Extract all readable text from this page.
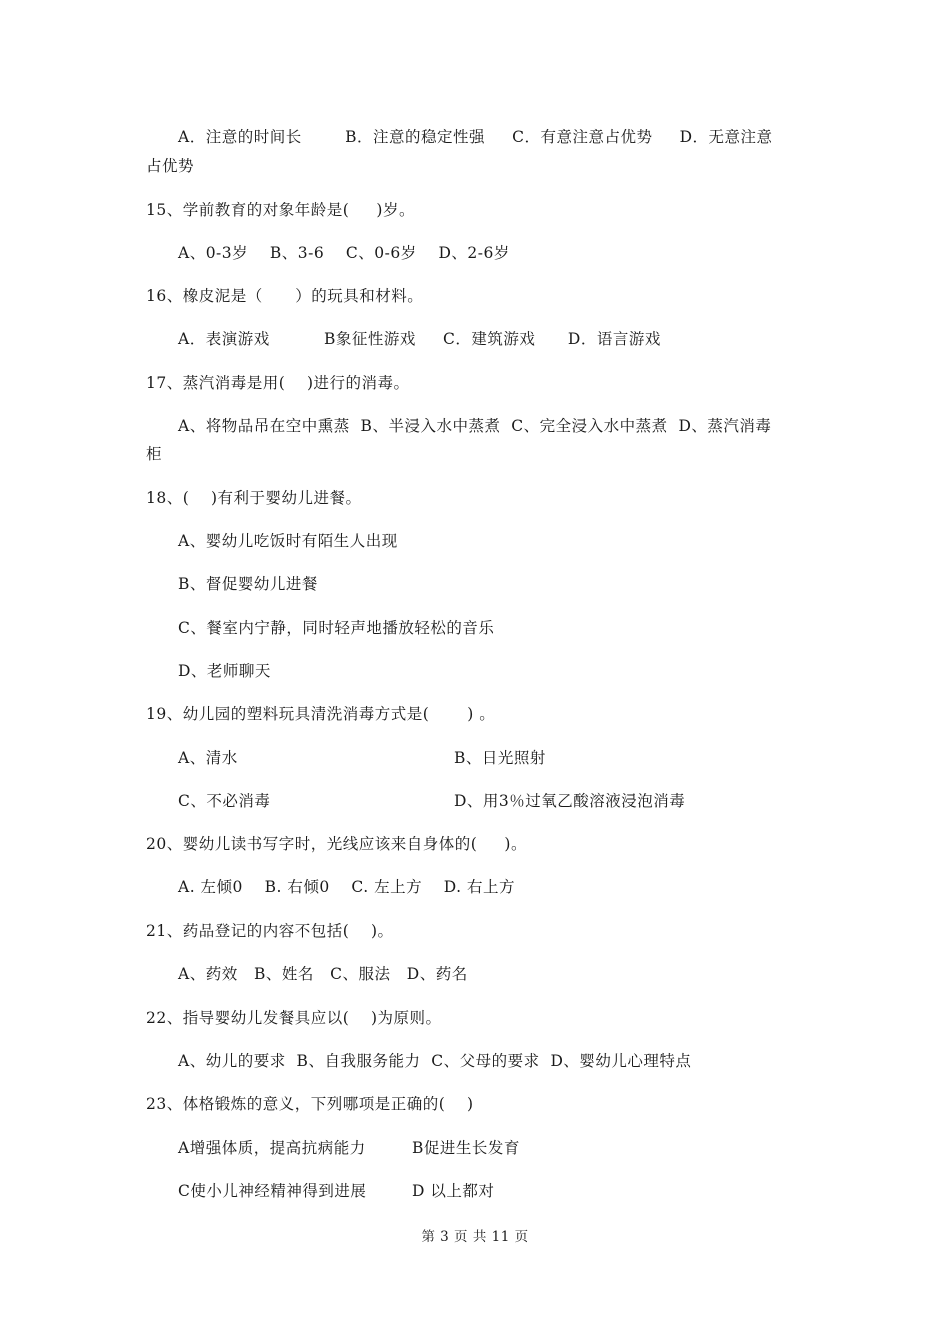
A．注意的时间长        B．注意的稳定性强     C．有意注意占优势     D．无意注意
占优势
15、学前教育的对象年龄是(     )岁。
A、0-3岁    B、3-6    C、0-6岁    D、2-6岁
16、橡皮泥是（      ）的玩具和材料。
A．表演游戏          B象征性游戏     C．建筑游戏      D．语言游戏
17、蒸汽消毒是用(    )进行的消毒。
A、将物品吊在空中熏蒸  B、半浸入水中蒸煮  C、完全浸入水中蒸煮  D、蒸汽消毒
柜
18、(    )有利于婴幼儿进餐。
A、婴幼儿吃饭时有陌生人出现
B、督促婴幼儿进餐
C、餐室内宁静，同时轻声地播放轻松的音乐
D、老师聊天
19、幼儿园的塑料玩具清洗消毒方式是(       ) 。
A、清水	B、日光照射
C、不必消毒	D、用3％过氧乙酸溶液浸泡消毒
20、婴幼儿读书写字时，光线应该来自身体的(     )。
A. 左倾0    B. 右倾0    C. 左上方    D. 右上方
21、药品登记的内容不包括(    )。
A、药效   B、姓名   C、服法   D、药名
22、指导婴幼儿发餐具应以(    )为原则。
A、幼儿的要求  B、自我服务能力  C、父母的要求  D、婴幼儿心理特点
23、体格锻炼的意义，下列哪项是正确的(    )
A增强体质，提高抗病能力	B促进生长发育
C使小儿神经精神得到进展	D 以上都对
第 3 页 共 11 页
